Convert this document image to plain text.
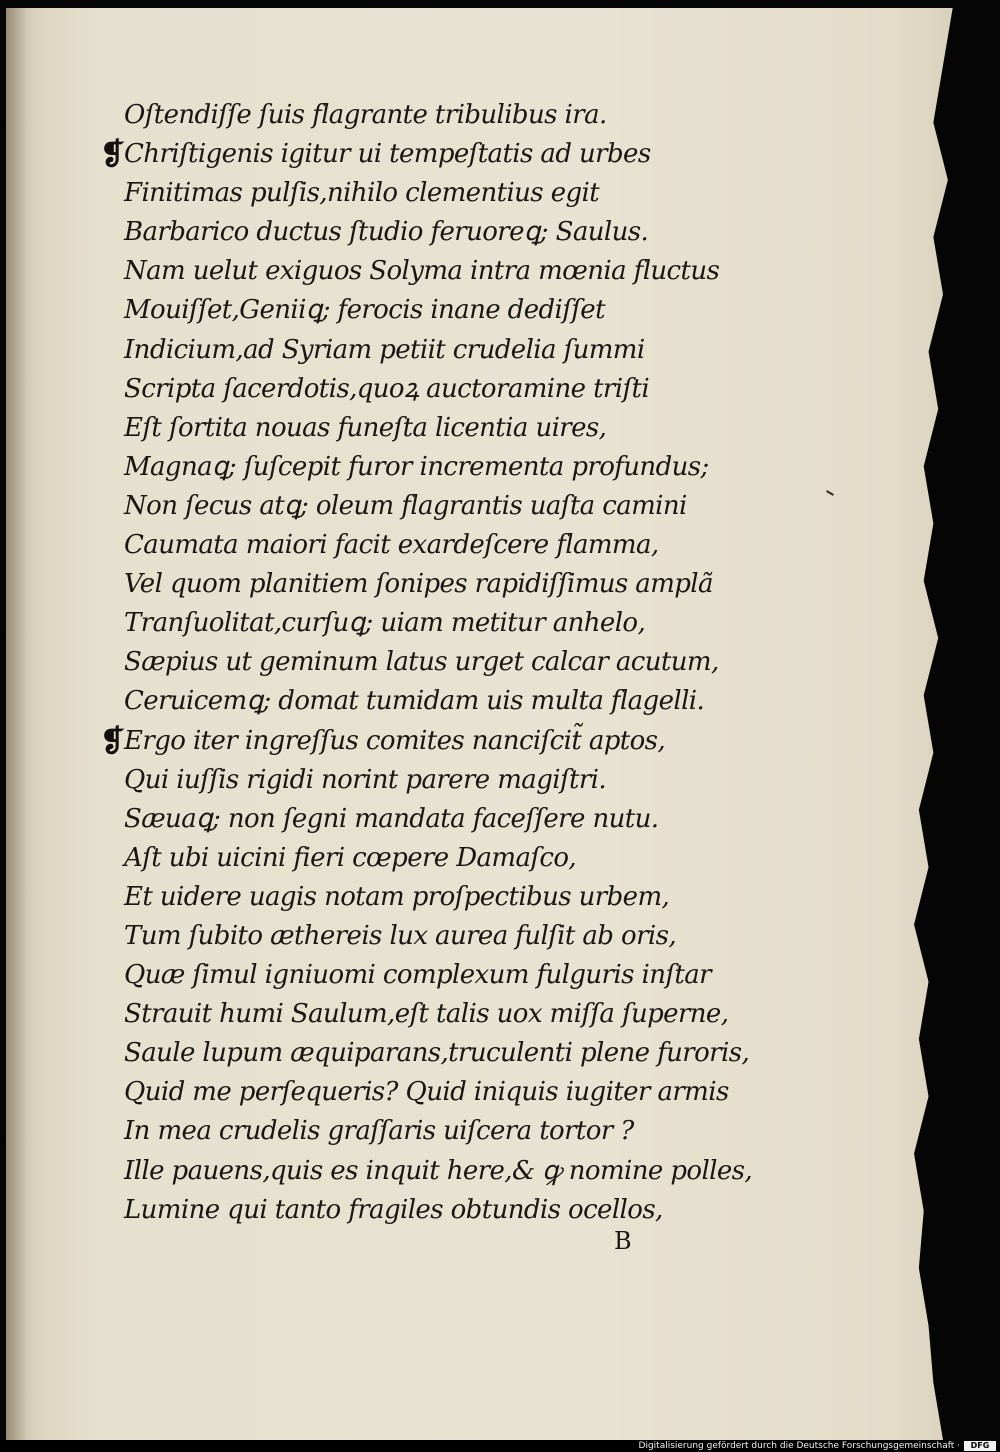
Oſtendiſſe ſuis flagrante tribulibus ira.
❡ Chriſtigenis igitur ui tempeſtatis ad urbes
Finitimas pulſis,nihilo clementius egit
Barbarico ductus ſtudio feruoreꝗ; Saulus.
Nam uelut exiguos Solyma intra mœnia fluctus
Mouiſſet,Geniiꝗ; ferocis inane dediſſet
Indicium,ad Syriam petiit crudelia ſummi
Scripta ſacerdotis,quoꝝ auctoramine triſti
Eſt ſortita nouas funeſta licentia uires,
Magnaꝗ; ſuſcepit furor incrementa profundus;
Non ſecus atꝗ; oleum flagrantis uaſta camini
Caumata maiori facit exardeſcere flamma,
Vel quom planitiem ſonipes rapidiſſimus amplã
Tranſuolitat,curſuꝗ; uiam metitur anhelo,
Sæpius ut geminum latus urget calcar acutum,
Ceruicemꝗ; domat tumidam uis multa flagelli.
❡ Ergo iter ingreſſus comites nanciſcit̃ aptos,
Qui iuſſis rigidi norint parere magiſtri.
Sæuaꝗ; non ſegni mandata faceſſere nutu.
Aſt ubi uicini fieri cœpere Damaſco,
Et uidere uagis notam proſpectibus urbem,
Tum ſubito æthereis lux aurea fulſit ab oris,
Quæ ſimul igniuomi complexum fulguris inſtar
Strauit humi Saulum,eſt talis uox miſſa ſuperne,
Saule lupum æquiparans,truculenti plene furoris,
Quid me perſequeris? Quid iniquis iugiter armis
In mea crudelis graſſaris uiſcera tortor ?
Ille pauens,quis es inquit here,& ꝙ nomine polles,
Lumine qui tanto fragiles obtundis ocellos,
B
Digitalisierung gefördert durch die Deutsche Forschungsgemeinschaft ·	DFG
